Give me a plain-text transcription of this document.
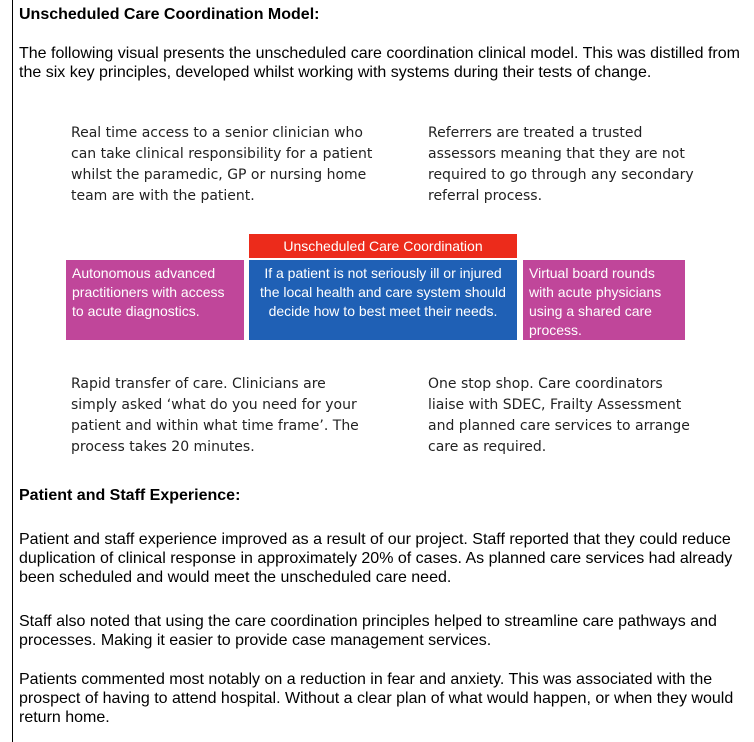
Unscheduled Care Coordination Model:

The following visual presents the unscheduled care coordination clinical model. This was distilled from the six key principles, developed whilst working with systems during their tests of change.

Real time access to a senior clinician who can take clinical responsibility for a patient whilst the paramedic, GP or nursing home team are with the patient.

Referrers are treated a trusted assessors meaning that they are not required to go through any secondary referral process.

Unscheduled Care Coordination
If a patient is not seriously ill or injured the local health and care system should decide how to best meet their needs.
Autonomous advanced practitioners with access to acute diagnostics.
Virtual board rounds with acute physicians using a shared care process.

Rapid transfer of care. Clinicians are simply asked ‘what do you need for your patient and within what time frame’. The process takes 20 minutes.

One stop shop. Care coordinators liaise with SDEC, Frailty Assessment and planned care services to arrange care as required.

Patient and Staff Experience:

Patient and staff experience improved as a result of our project. Staff reported that they could reduce duplication of clinical response in approximately 20% of cases. As planned care services had already been scheduled and would meet the unscheduled care need.

Staff also noted that using the care coordination principles helped to streamline care pathways and processes. Making it easier to provide case management services.

Patients commented most notably on a reduction in fear and anxiety. This was associated with the prospect of having to attend hospital. Without a clear plan of what would happen, or when they would return home.
